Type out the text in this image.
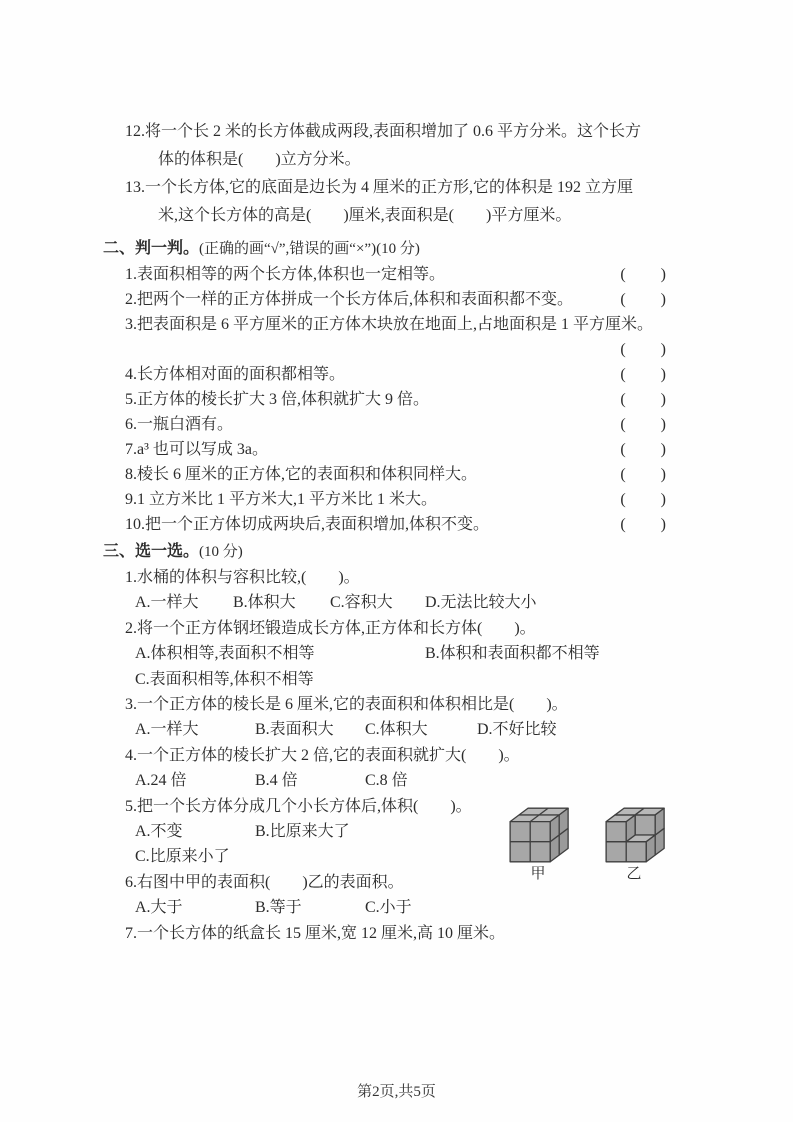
12.将一个长 2 米的长方体截成两段,表面积增加了 0.6 平方分米。这个长方
体的体积是(　　)立方分米。
13.一个长方体,它的底面是边长为 4 厘米的正方形,它的体积是 192 立方厘
米,这个长方体的高是(　　)厘米,表面积是(　　)平方厘米。
二、判一判。(正确的画“√”,错误的画“×”)(10 分)
1.表面积相等的两个长方体,体积也一定相等。	(　　)
2.把两个一样的正方体拼成一个长方体后,体积和表面积都不变。	(　　)
3.把表面积是 6 平方厘米的正方体木块放在地面上,占地面积是 1 平方厘米。
(　　)
4.长方体相对面的面积都相等。	(　　)
5.正方体的棱长扩大 3 倍,体积就扩大 9 倍。	(　　)
6.一瓶白酒有。	(　　)
7.a³ 也可以写成 3a。	(　　)
8.棱长 6 厘米的正方体,它的表面积和体积同样大。	(　　)
9.1 立方米比 1 平方米大,1 平方米比 1 米大。	(　　)
10.把一个正方体切成两块后,表面积增加,体积不变。	(　　)
三、选一选。(10 分)
1.水桶的体积与容积比较,(　　)。
A.一样大	B.体积大	C.容积大	D.无法比较大小
2.将一个正方体钢坯锻造成长方体,正方体和长方体(　　)。
A.体积相等,表面积不相等	B.体积和表面积都不相等
C.表面积相等,体积不相等
3.一个正方体的棱长是 6 厘米,它的表面积和体积相比是(　　)。
A.一样大	B.表面积大	C.体积大	D.不好比较
4.一个正方体的棱长扩大 2 倍,它的表面积就扩大(　　)。
A.24 倍	B.4 倍	C.8 倍
5.把一个长方体分成几个小长方体后,体积(　　)。
A.不变	B.比原来大了
C.比原来小了
6.右图中甲的表面积(　　)乙的表面积。
A.大于	B.等于	C.小于
7.一个长方体的纸盒长 15 厘米,宽 12 厘米,高 10 厘米。
甲	乙
第2页,共5页
